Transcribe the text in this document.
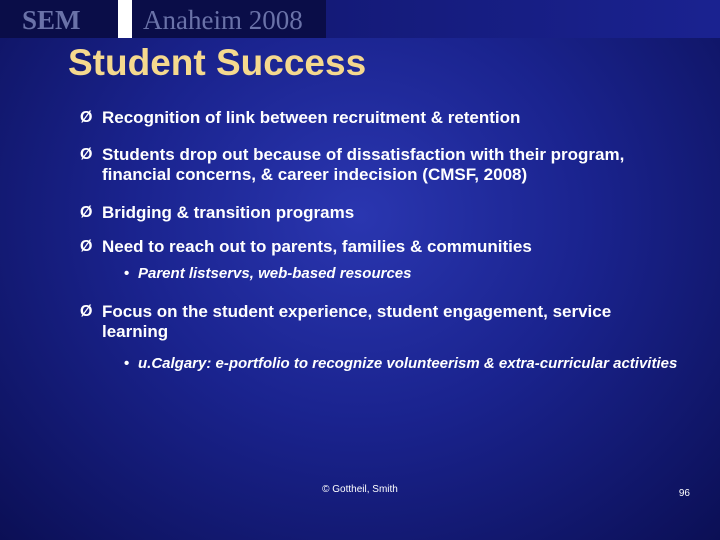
SEM Anaheim 2008
Student Success
Ø Recognition of link between recruitment & retention
Ø Students drop out because of dissatisfaction with their program, financial concerns, & career indecision (CMSF, 2008)
Ø Bridging & transition programs
Ø Need to reach out to parents, families & communities
• Parent listservs, web-based resources
Ø Focus on the student experience, student engagement, service learning
• u.Calgary: e-portfolio to recognize volunteerism & extra-curricular activities
© Gottheil, Smith	96
